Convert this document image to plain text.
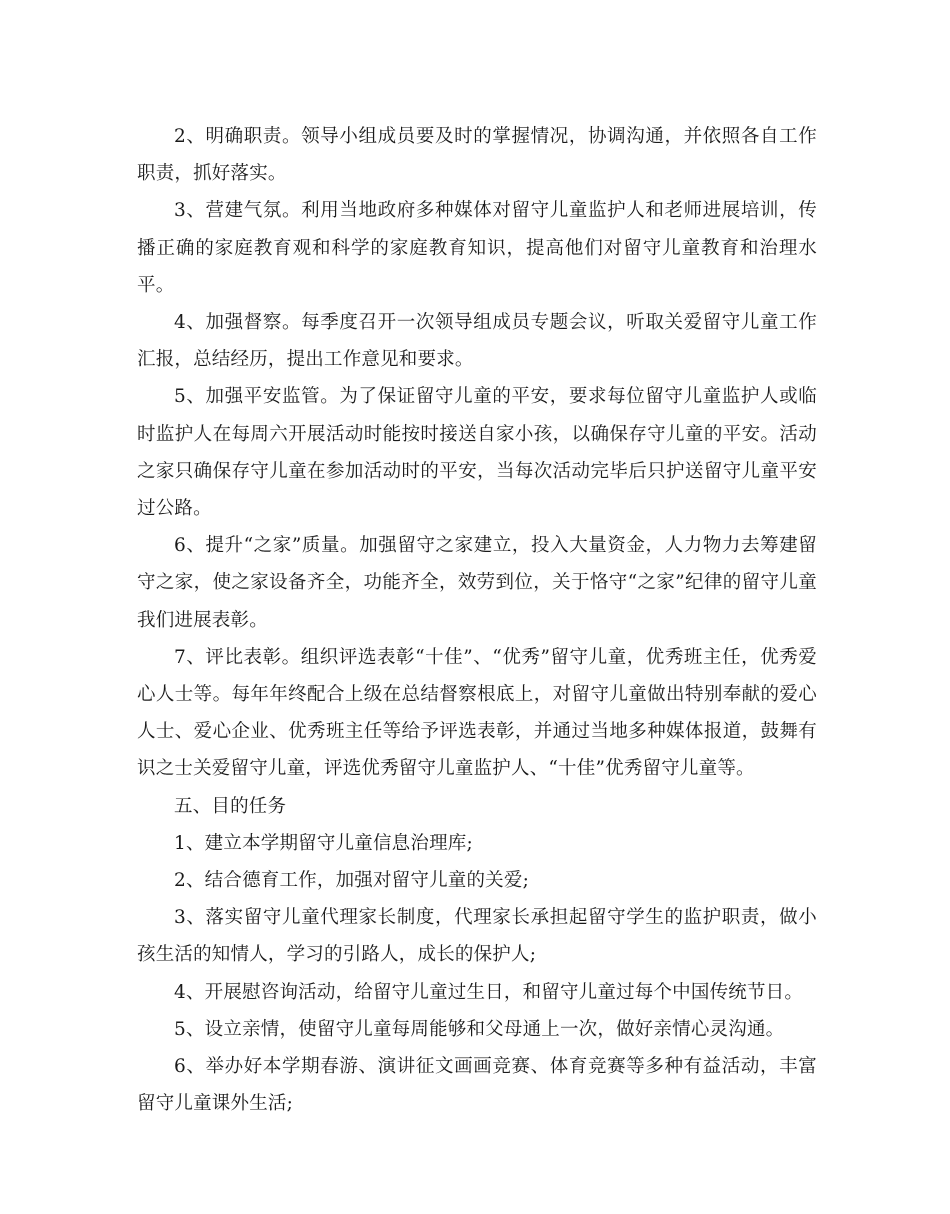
2、明确职责。领导小组成员要及时的掌握情况，协调沟通，并依照各自工作职责，抓好落实。

3、营建气氛。利用当地政府多种媒体对留守儿童监护人和老师进展培训，传播正确的家庭教育观和科学的家庭教育知识，提高他们对留守儿童教育和治理水平。

4、加强督察。每季度召开一次领导组成员专题会议，听取关爱留守儿童工作汇报，总结经历，提出工作意见和要求。

5、加强平安监管。为了保证留守儿童的平安，要求每位留守儿童监护人或临时监护人在每周六开展活动时能按时接送自家小孩，以确保存守儿童的平安。活动之家只确保存守儿童在参加活动时的平安，当每次活动完毕后只护送留守儿童平安过公路。

6、提升“之家”质量。加强留守之家建立，投入大量资金，人力物力去筹建留守之家，使之家设备齐全，功能齐全，效劳到位，关于恪守“之家”纪律的留守儿童我们进展表彰。

7、评比表彰。组织评选表彰“十佳”、“优秀”留守儿童，优秀班主任，优秀爱心人士等。每年年终配合上级在总结督察根底上，对留守儿童做出特别奉献的爱心人士、爱心企业、优秀班主任等给予评选表彰，并通过当地多种媒体报道，鼓舞有识之士关爱留守儿童，评选优秀留守儿童监护人、“十佳”优秀留守儿童等。

五、目的任务

1、建立本学期留守儿童信息治理库;

2、结合德育工作，加强对留守儿童的关爱;

3、落实留守儿童代理家长制度，代理家长承担起留守学生的监护职责，做小孩生活的知情人，学习的引路人，成长的保护人;

4、开展慰咨询活动，给留守儿童过生日，和留守儿童过每个中国传统节日。

5、设立亲情，使留守儿童每周能够和父母通上一次，做好亲情心灵沟通。

6、举办好本学期春游、演讲征文画画竞赛、体育竞赛等多种有益活动，丰富留守儿童课外生活;
